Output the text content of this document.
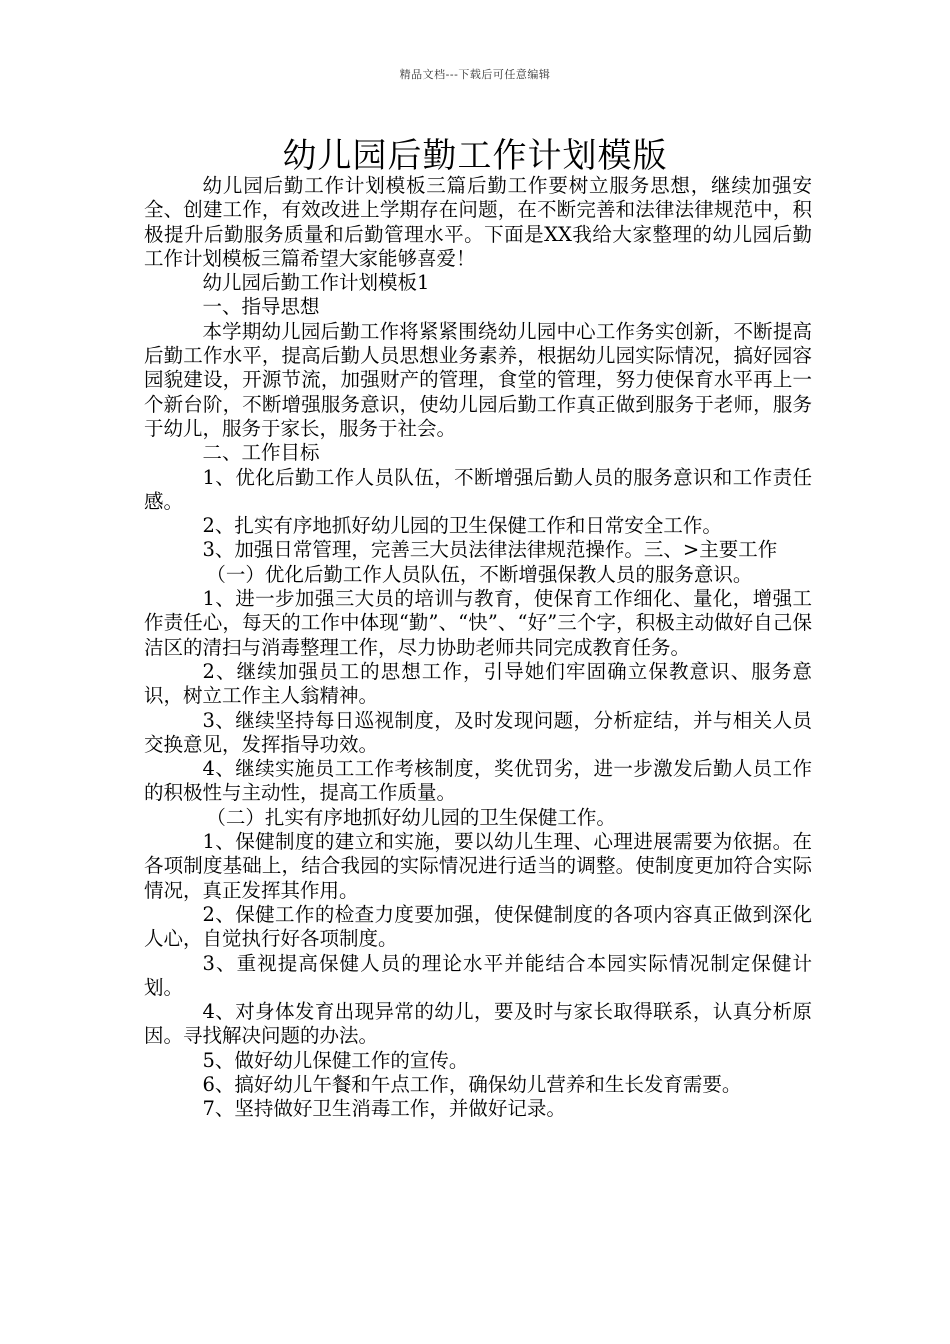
精品文档---下载后可任意编辑
幼儿园后勤工作计划模版

幼儿园后勤工作计划模板三篇后勤工作要树立服务思想，继续加强安全、创建工作，有效改进上学期存在问题，在不断完善和法律法律规范中，积极提升后勤服务质量和后勤管理水平。下面是XX我给大家整理的幼儿园后勤工作计划模板三篇希望大家能够喜爱！

幼儿园后勤工作计划模板1

一、指导思想

本学期幼儿园后勤工作将紧紧围绕幼儿园中心工作务实创新，不断提高后勤工作水平，提高后勤人员思想业务素养，根据幼儿园实际情况，搞好园容园貌建设，开源节流，加强财产的管理，食堂的管理，努力使保育水平再上一个新台阶，不断增强服务意识，使幼儿园后勤工作真正做到服务于老师，服务于幼儿，服务于家长，服务于社会。

二、工作目标

1、优化后勤工作人员队伍，不断增强后勤人员的服务意识和工作责任感。

2、扎实有序地抓好幼儿园的卫生保健工作和日常安全工作。

3、加强日常管理，完善三大员法律法律规范操作。三、>主要工作

（一）优化后勤工作人员队伍，不断增强保教人员的服务意识。

1、进一步加强三大员的培训与教育，使保育工作细化、量化，增强工作责任心，每天的工作中体现“勤”、“快”、“好”三个字，积极主动做好自己保洁区的清扫与消毒整理工作，尽力协助老师共同完成教育任务。

2、继续加强员工的思想工作，引导她们牢固确立保教意识、服务意识，树立工作主人翁精神。

3、继续坚持每日巡视制度，及时发现问题，分析症结，并与相关人员交换意见，发挥指导功效。

4、继续实施员工工作考核制度，奖优罚劣，进一步激发后勤人员工作的积极性与主动性，提高工作质量。

（二）扎实有序地抓好幼儿园的卫生保健工作。

1、保健制度的建立和实施，要以幼儿生理、心理进展需要为依据。在各项制度基础上，结合我园的实际情况进行适当的调整。使制度更加符合实际情况，真正发挥其作用。

2、保健工作的检查力度要加强，使保健制度的各项内容真正做到深化人心，自觉执行好各项制度。

3、重视提高保健人员的理论水平并能结合本园实际情况制定保健计划。

4、对身体发育出现异常的幼儿，要及时与家长取得联系，认真分析原因。寻找解决问题的办法。

5、做好幼儿保健工作的宣传。

6、搞好幼儿午餐和午点工作，确保幼儿营养和生长发育需要。

7、坚持做好卫生消毒工作，并做好记录。
